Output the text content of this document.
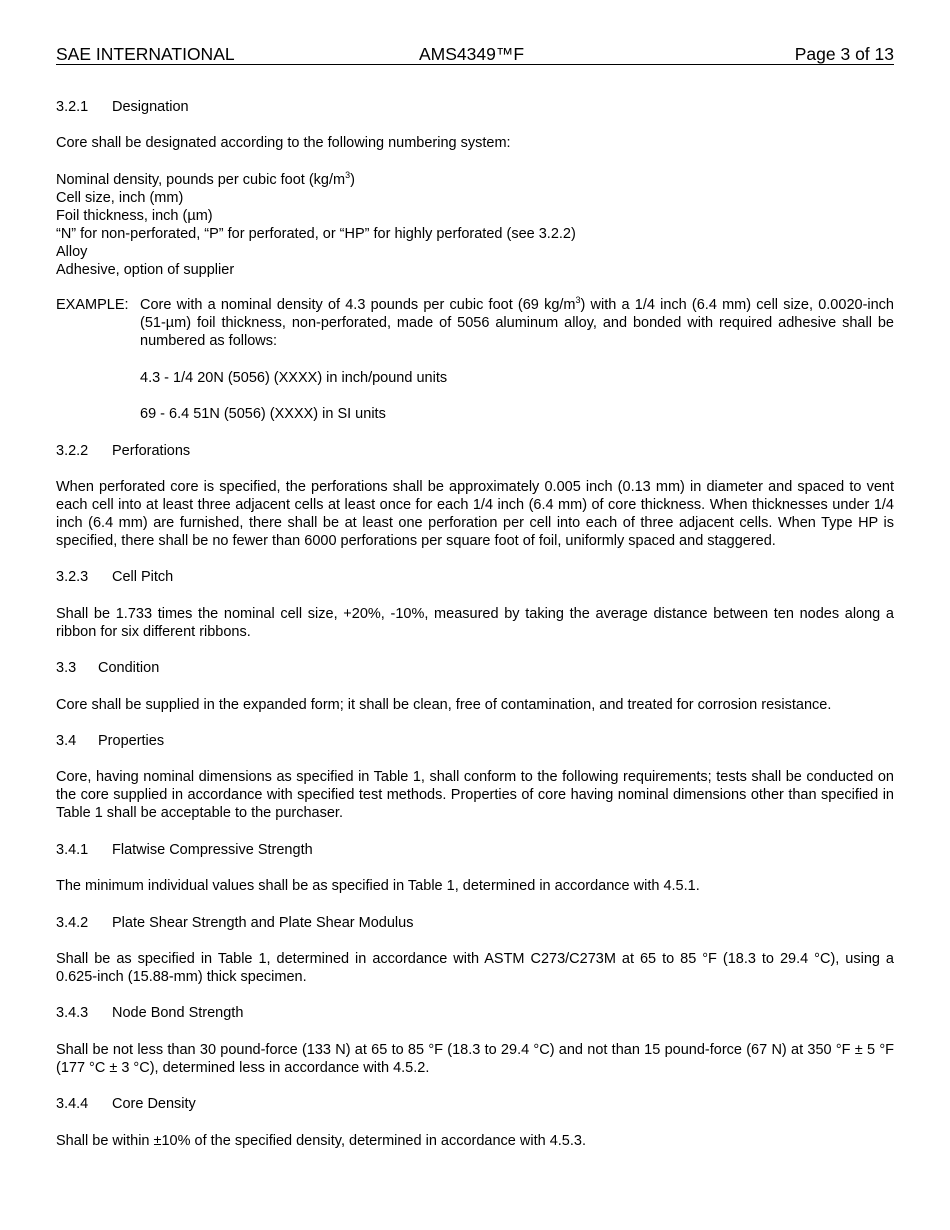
SAE INTERNATIONAL	AMS4349™F	Page 3 of 13
3.2.1 Designation
Core shall be designated according to the following numbering system:
Nominal density, pounds per cubic foot $(kg/m^3)$
Cell size, inch (mm)
Foil thickness, inch (µm)
“N” for non-perforated, “P” for perforated, or “HP” for highly perforated (see 3.2.2)
Alloy
Adhesive, option of supplier
EXAMPLE: Core with a nominal density of 4.3 pounds per cubic foot (69 $kg/m^3$) with a 1/4 inch (6.4 mm) cell size, 0.0020-inch (51-µm) foil thickness, non-perforated, made of 5056 aluminum alloy, and bonded with required adhesive shall be numbered as follows:
4.3 - 1/4 20N (5056) (XXXX) in inch/pound units
69 - 6.4 51N (5056) (XXXX) in SI units
3.2.2 Perforations
When perforated core is specified, the perforations shall be approximately 0.005 inch (0.13 mm) in diameter and spaced to vent each cell into at least three adjacent cells at least once for each 1/4 inch (6.4 mm) of core thickness. When thicknesses under 1/4 inch (6.4 mm) are furnished, there shall be at least one perforation per cell into each of three adjacent cells. When Type HP is specified, there shall be no fewer than 6000 perforations per square foot of foil, uniformly spaced and staggered.
3.2.3 Cell Pitch
Shall be 1.733 times the nominal cell size, +20%, -10%, measured by taking the average distance between ten nodes along a ribbon for six different ribbons.
3.3 Condition
Core shall be supplied in the expanded form; it shall be clean, free of contamination, and treated for corrosion resistance.
3.4 Properties
Core, having nominal dimensions as specified in Table 1, shall conform to the following requirements; tests shall be conducted on the core supplied in accordance with specified test methods. Properties of core having nominal dimensions other than specified in Table 1 shall be acceptable to the purchaser.
3.4.1 Flatwise Compressive Strength
The minimum individual values shall be as specified in Table 1, determined in accordance with 4.5.1.
3.4.2 Plate Shear Strength and Plate Shear Modulus
Shall be as specified in Table 1, determined in accordance with ASTM C273/C273M at 65 to 85 °F (18.3 to 29.4 °C), using a 0.625-inch (15.88-mm) thick specimen.
3.4.3 Node Bond Strength
Shall be not less than 30 pound-force (133 N) at 65 to 85 °F (18.3 to 29.4 °C) and not than 15 pound-force (67 N) at 350 °F ± 5 °F (177 °C ± 3 °C), determined less in accordance with 4.5.2.
3.4.4 Core Density
Shall be within ±10% of the specified density, determined in accordance with 4.5.3.
